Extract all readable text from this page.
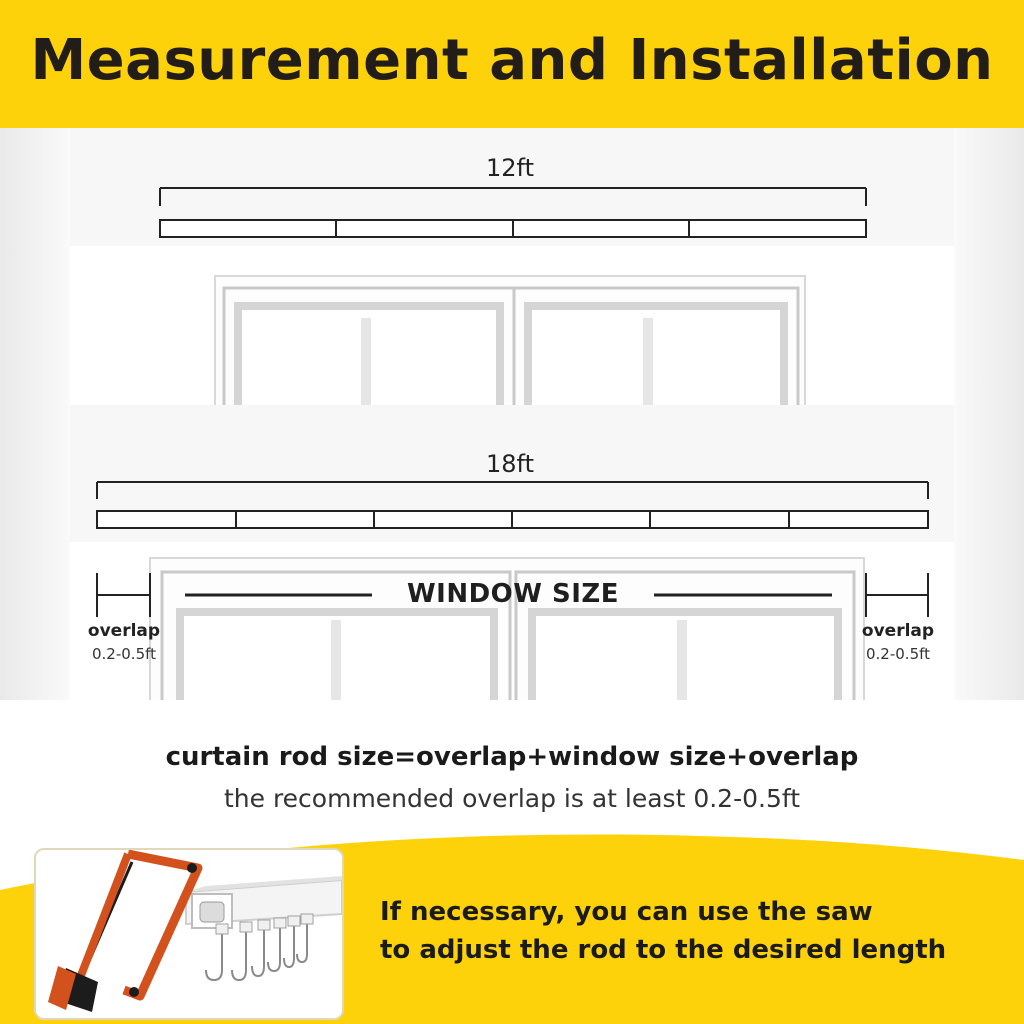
Measurement and Installation
12ft
18ft
WINDOW SIZE
overlap
0.2-0.5ft
overlap
0.2-0.5ft
curtain rod size=overlap+window size+overlap
the recommended overlap is at least 0.2-0.5ft
If necessary, you can use the saw
to adjust the rod to the desired length
